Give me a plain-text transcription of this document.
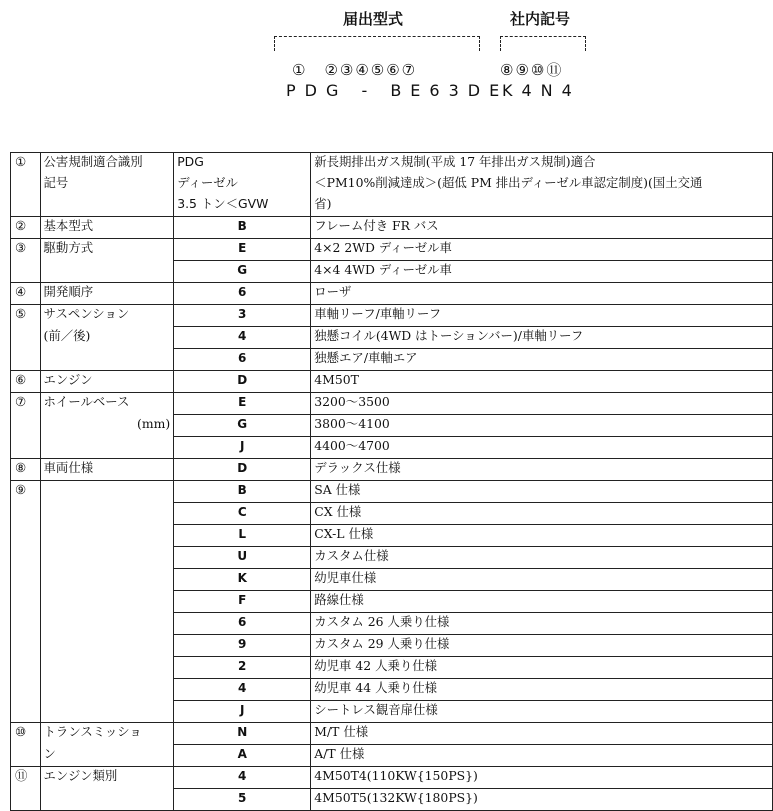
届出型式	社内記号
①　②③④⑤⑥⑦	⑧⑨⑩⑪
PDG - BE63DE
K4N4
①	公害規制適合識別	PDG	新長期排出ガス規制(平成 17 年排出ガス規制)適合
	記号	ディーゼル	＜PM10%削減達成＞(超低 PM 排出ディーゼル車認定制度)(国土交通
		3.5 トン＜GVW	省)
②	基本型式	B	フレーム付き FR バス
③	駆動方式	E	4×2 2WD ディーゼル車
		G	4×4 4WD ディーゼル車
④	開発順序	6	ローザ
⑤	サスペンション	3	車軸リーフ/車軸リーフ
	(前／後)	4	独懸コイル(4WD はトーションバー)/車軸リーフ
		6	独懸エア/車軸エア
⑥	エンジン	D	4M50T
⑦	ホイールベース	E	3200～3500
	(mm)	G	3800～4100
		J	4400～4700
⑧	車両仕様	D	デラックス仕様
⑨		B	SA 仕様
		C	CX 仕様
		L	CX-L 仕様
		U	カスタム仕様
		K	幼児車仕様
		F	路線仕様
		6	カスタム 26 人乗り仕様
		9	カスタム 29 人乗り仕様
		2	幼児車 42 人乗り仕様
		4	幼児車 44 人乗り仕様
		J	シートレス観音扉仕様
⑩	トランスミッショ	N	M/T 仕様
	ン	A	A/T 仕様
⑪	エンジン類別	4	4M50T4(110KW{150PS})
		5	4M50T5(132KW{180PS})
